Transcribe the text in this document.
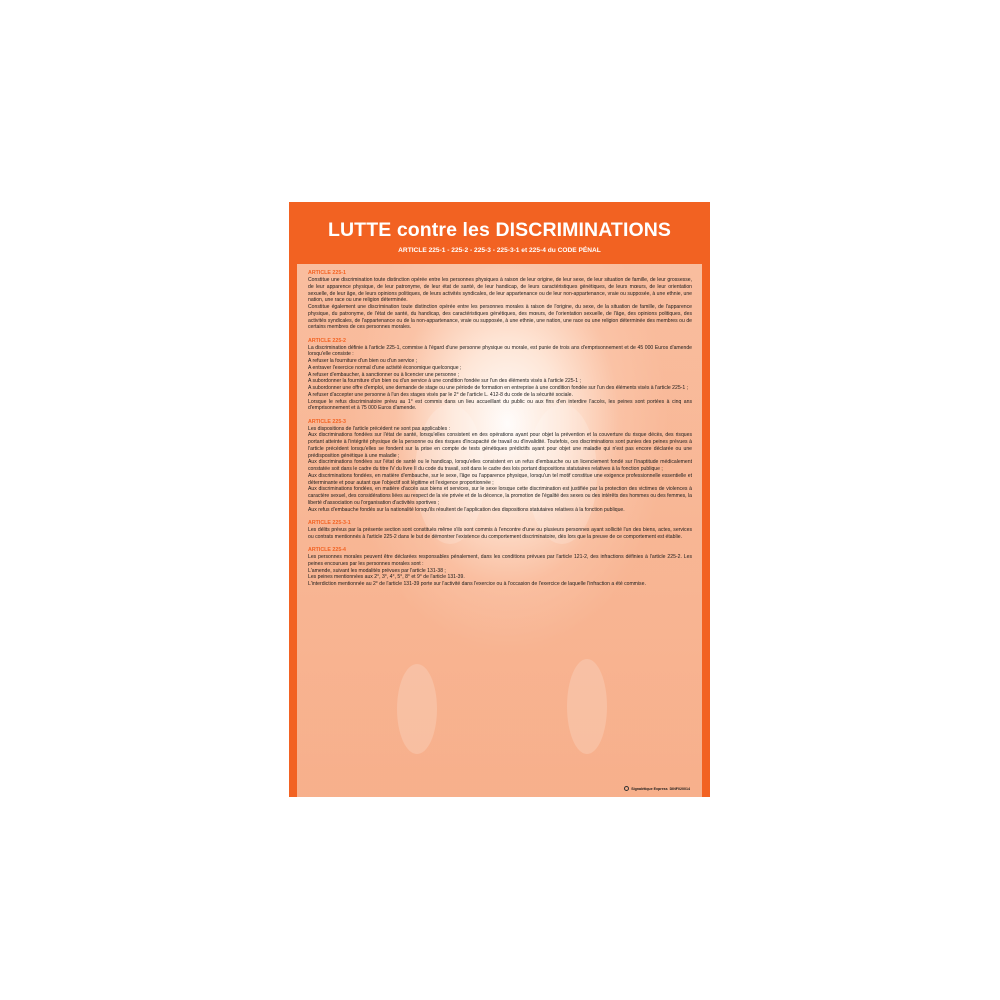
LUTTE contre les DISCRIMINATIONS
ARTICLE 225-1 - 225-2 - 225-3 - 225-3-1 et 225-4 du CODE PÉNAL
ARTICLE 225-1
Constitue une discrimination toute distinction opérée entre les personnes physiques à raison de leur origine, de leur sexe, de leur situation de famille, de leur grossesse, de leur apparence physique, de leur patronyme, de leur état de santé, de leur handicap, de leurs caractéristiques génétiques, de leurs mœurs, de leur orientation sexuelle, de leur âge, de leurs opinions politiques, de leurs activités syndicales, de leur appartenance ou de leur non-appartenance, vraie ou supposée, à une ethnie, une nation, une race ou une religion déterminée.
Constitue également une discrimination toute distinction opérée entre les personnes morales à raison de l'origine, du sexe, de la situation de famille, de l'apparence physique, du patronyme, de l'état de santé, du handicap, des caractéristiques génétiques, des mœurs, de l'orientation sexuelle, de l'âge, des opinions politiques, des activités syndicales, de l'appartenance ou de la non-appartenance, vraie ou supposée, à une ethnie, une nation, une race ou une religion déterminée des membres ou de certains membres de ces personnes morales.
ARTICLE 225-2
La discrimination définie à l'article 225-1, commise à l'égard d'une personne physique ou morale, est punie de trois ans d'emprisonnement et de 45 000 Euros d'amende lorsqu'elle consiste :
A refuser la fourniture d'un bien ou d'un service ;
A entraver l'exercice normal d'une activité économique quelconque ;
A refuser d'embaucher, à sanctionner ou à licencier une personne ;
A subordonner la fourniture d'un bien ou d'un service à une condition fondée sur l'un des éléments visés à l'article 225-1 ;
A subordonner une offre d'emploi, une demande de stage ou une période de formation en entreprise à une condition fondée sur l'un des éléments visés à l'article 225-1 ;
A refuser d'accepter une personne à l'un des stages visés par le 2° de l'article L. 412-8 du code de la sécurité sociale.
Lorsque le refus discriminatoire prévu au 1° est commis dans un lieu accueillant du public ou aux fins d'en interdire l'accès, les peines sont portées à cinq ans d'emprisonnement et à 75 000 Euros d'amende.
ARTICLE 225-3
Les dispositions de l'article précédent ne sont pas applicables :
Aux discriminations fondées sur l'état de santé, lorsqu'elles consistent en des opérations ayant pour objet la prévention et la couverture du risque décès, des risques portant atteinte à l'intégrité physique de la personne ou des risques d'incapacité de travail ou d'invalidité. Toutefois, ces discriminations sont punies des peines prévues à l'article précédent lorsqu'elles se fondent sur la prise en compte de tests génétiques prédictifs ayant pour objet une maladie qui n'est pas encore déclarée ou une prédisposition génétique à une maladie ;
Aux discriminations fondées sur l'état de santé ou le handicap, lorsqu'elles consistent en un refus d'embauche ou un licenciement fondé sur l'inaptitude médicalement constatée soit dans le cadre du titre IV du livre II du code du travail, soit dans le cadre des lois portant dispositions statutaires relatives à la fonction publique ;
Aux discriminations fondées, en matière d'embauche, sur le sexe, l'âge ou l'apparence physique, lorsqu'un tel motif constitue une exigence professionnelle essentielle et déterminante et pour autant que l'objectif soit légitime et l'exigence proportionnée ;
Aux discriminations fondées, en matière d'accès aux biens et services, sur le sexe lorsque cette discrimination est justifiée par la protection des victimes de violences à caractère sexuel, des considérations liées au respect de la vie privée et de la décence, la promotion de l'égalité des sexes ou des intérêts des hommes ou des femmes, la liberté d'association ou l'organisation d'activités sportives ;
Aux refus d'embauche fondés sur la nationalité lorsqu'ils résultent de l'application des dispositions statutaires relatives à la fonction publique.
ARTICLE 225-3-1
Les délits prévus par la présente section sont constitués même s'ils sont commis à l'encontre d'une ou plusieurs personnes ayant sollicité l'un des biens, actes, services ou contrats mentionnés à l'article 225-2 dans le but de démontrer l'existence du comportement discriminatoire, dès lors que la preuve de ce comportement est établie.
ARTICLE 225-4
Les personnes morales peuvent être déclarées responsables pénalement, dans les conditions prévues par l'article 121-2, des infractions définies à l'article 225-2. Les peines encourues par les personnes morales sont :
L'amende, suivant les modalités prévues par l'article 131-38 ;
Les peines mentionnées aux 2°, 3°, 4°, 5°, 8° et 9° de l'article 131-39.
L'interdiction mentionnée au 2° de l'article 131-39 porte sur l'activité dans l'exercice ou à l'occasion de l'exercice de laquelle l'infraction a été commise.
Signalétique Express DINF020014
